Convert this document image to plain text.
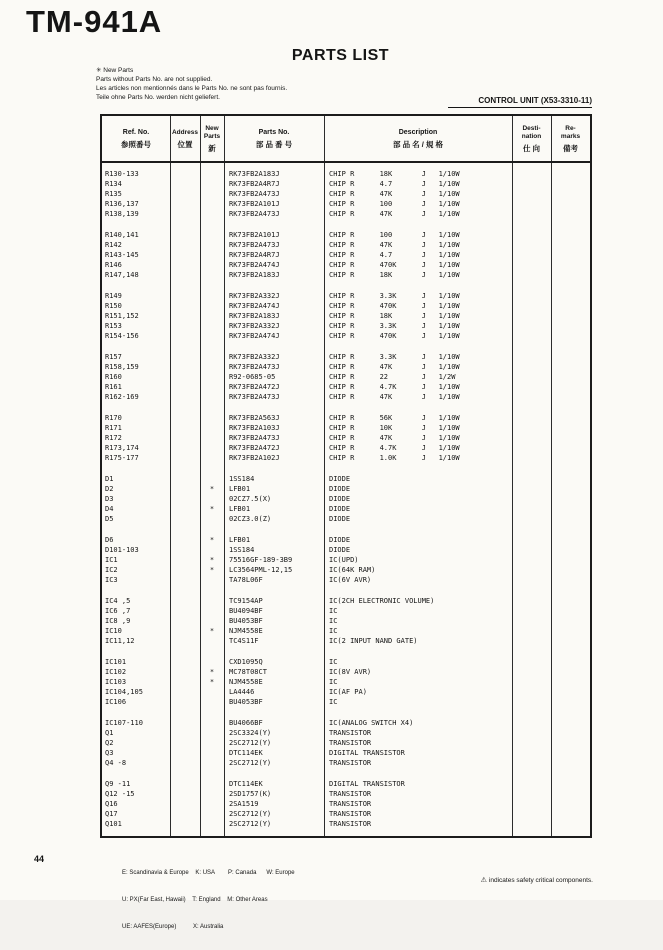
TM-941A
PARTS LIST
✳ New Parts
Parts without Parts No. are not supplied.
Les articles non mentionnés dans le Parts No. ne sont pas fournis.
Teile ohne Parts No. werden nicht geliefert.	CONTROL UNIT (X53-3310-11)
Ref. No.
参照番号
Address
位置
New
Parts
新
Parts No.
部 品 番 号
Description
部 品 名 / 規 格
Desti-
nation
仕 向
Re-
marks
備考
R130-133	RK73FB2A183J	CHIP R      18K       J   1/10W
R134	RK73FB2A4R7J	CHIP R      4.7       J   1/10W
R135	RK73FB2A473J	CHIP R      47K       J   1/10W
R136,137	RK73FB2A101J	CHIP R      100       J   1/10W
R138,139	RK73FB2A473J	CHIP R      47K       J   1/10W
R140,141	RK73FB2A101J	CHIP R      100       J   1/10W
R142	RK73FB2A473J	CHIP R      47K       J   1/10W
R143-145	RK73FB2A4R7J	CHIP R      4.7       J   1/10W
R146	RK73FB2A474J	CHIP R      470K      J   1/10W
R147,148	RK73FB2A183J	CHIP R      18K       J   1/10W
R149	RK73FB2A332J	CHIP R      3.3K      J   1/10W
R150	RK73FB2A474J	CHIP R      470K      J   1/10W
R151,152	RK73FB2A183J	CHIP R      18K       J   1/10W
R153	RK73FB2A332J	CHIP R      3.3K      J   1/10W
R154-156	RK73FB2A474J	CHIP R      470K      J   1/10W
R157	RK73FB2A332J	CHIP R      3.3K      J   1/10W
R158,159	RK73FB2A473J	CHIP R      47K       J   1/10W
R160	R92-0685-05	CHIP R      22        J   1/2W
R161	RK73FB2A472J	CHIP R      4.7K      J   1/10W
R162-169	RK73FB2A473J	CHIP R      47K       J   1/10W
R170	RK73FB2A563J	CHIP R      56K       J   1/10W
R171	RK73FB2A103J	CHIP R      10K       J   1/10W
R172	RK73FB2A473J	CHIP R      47K       J   1/10W
R173,174	RK73FB2A472J	CHIP R      4.7K      J   1/10W
R175-177	RK73FB2A102J	CHIP R      1.0K      J   1/10W
D1	1SS184	DIODE
D2	*	LFB01	DIODE
D3	02CZ7.5(X)	DIODE
D4	*	LFB01	DIODE
D5	02CZ3.0(Z)	DIODE
D6	*	LFB01	DIODE
D101-103	1SS184	DIODE
IC1	*	75516GF-189-3B9	IC(UPD)
IC2	*	LC3564PML-12,15	IC(64K RAM)
IC3	TA78L06F	IC(6V AVR)
IC4 ,5	TC9154AP	IC(2CH ELECTRONIC VOLUME)
IC6 ,7	BU4094BF	IC
IC8 ,9	BU4053BF	IC
IC10	*	NJM4558E	IC
IC11,12	TC4S11F	IC(2 INPUT NAND GATE)
IC101	CXD1095Q	IC
IC102	*	MC78T08CT	IC(8V AVR)
IC103	*	NJM4558E	IC
IC104,105	LA4446	IC(AF PA)
IC106	BU4053BF	IC
IC107-110	BU4066BF	IC(ANALOG SWITCH X4)
Q1	2SC3324(Y)	TRANSISTOR
Q2	2SC2712(Y)	TRANSISTOR
Q3	DTC114EK	DIGITAL TRANSISTOR
Q4 -8	2SC2712(Y)	TRANSISTOR
Q9 -11	DTC114EK	DIGITAL TRANSISTOR
Q12 -15	2SD1757(K)	TRANSISTOR
Q16	2SA1519	TRANSISTOR
Q17	2SC2712(Y)	TRANSISTOR
Q101	2SC2712(Y)	TRANSISTOR
44

E: Scandinavia & Europe    K: USA        P: Canada      W: Europe

U: PX(Far East, Hawaii)    T: England    M: Other Areas

UE: AAFES(Europe)          X: Australia

⚠ indicates safety critical components.
